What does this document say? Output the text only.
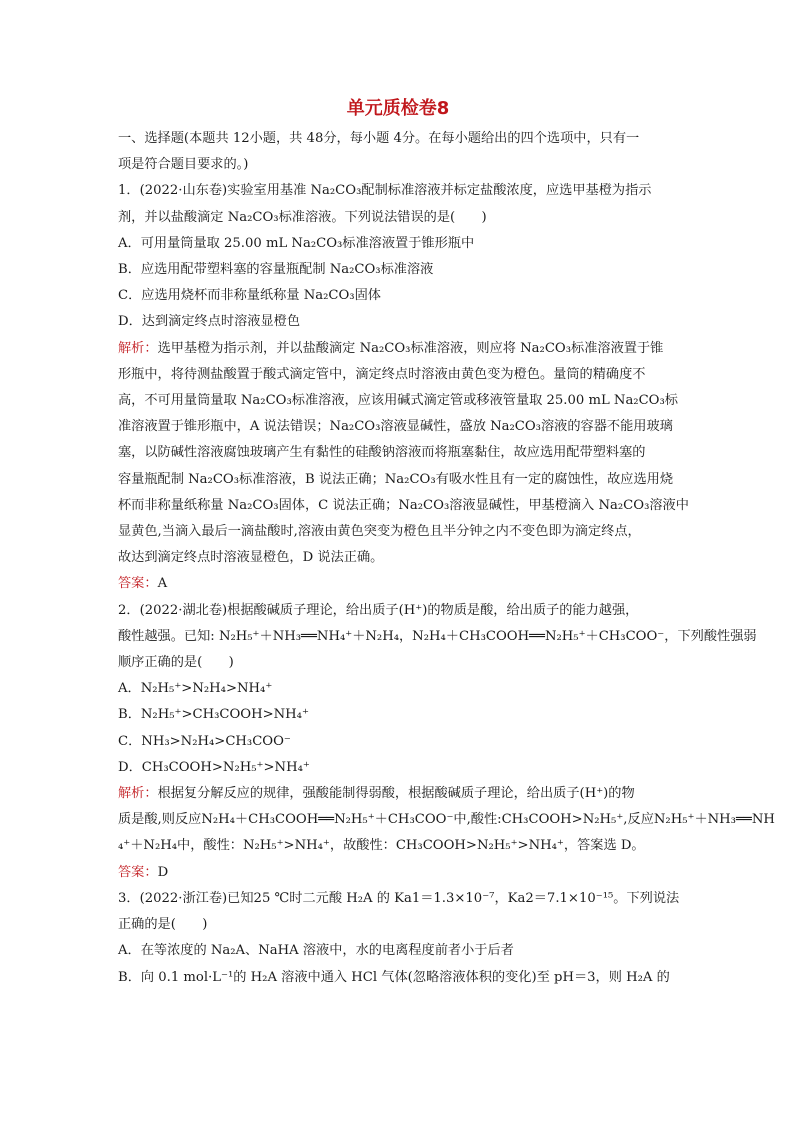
单元质检卷8
一、选择题(本题共 12小题，共 48分，每小题 4分。在每小题给出的四个选项中，只有一
项是符合题目要求的。)
1．(2022·山东卷)实验室用基准 Na₂CO₃配制标准溶液并标定盐酸浓度，应选甲基橙为指示
剂，并以盐酸滴定 Na₂CO₃标准溶液。下列说法错误的是(　　)
A．可用量筒量取 25.00 mL Na₂CO₃标准溶液置于锥形瓶中
B．应选用配带塑料塞的容量瓶配制 Na₂CO₃标准溶液
C．应选用烧杯而非称量纸称量 Na₂CO₃固体
D．达到滴定终点时溶液显橙色
解析：选甲基橙为指示剂，并以盐酸滴定 Na₂CO₃标准溶液，则应将 Na₂CO₃标准溶液置于锥
形瓶中，将待测盐酸置于酸式滴定管中，滴定终点时溶液由黄色变为橙色。量筒的精确度不
高，不可用量筒量取 Na₂CO₃标准溶液，应该用碱式滴定管或移液管量取 25.00 mL Na₂CO₃标
准溶液置于锥形瓶中，A 说法错误；Na₂CO₃溶液显碱性，盛放 Na₂CO₃溶液的容器不能用玻璃
塞，以防碱性溶液腐蚀玻璃产生有黏性的硅酸钠溶液而将瓶塞黏住，故应选用配带塑料塞的
容量瓶配制 Na₂CO₃标准溶液，B 说法正确；Na₂CO₃有吸水性且有一定的腐蚀性，故应选用烧
杯而非称量纸称量 Na₂CO₃固体，C 说法正确；Na₂CO₃溶液显碱性，甲基橙滴入 Na₂CO₃溶液中
显黄色,当滴入最后一滴盐酸时,溶液由黄色突变为橙色且半分钟之内不变色即为滴定终点，
故达到滴定终点时溶液显橙色，D 说法正确。
答案：A
2．(2022·湖北卷)根据酸碱质子理论，给出质子(H⁺)的物质是酸，给出质子的能力越强，
酸性越强。已知: N₂H₅⁺＋NH₃══NH₄⁺＋N₂H₄，N₂H₄＋CH₃COOH══N₂H₅⁺＋CH₃COO⁻，下列酸性强弱
顺序正确的是(　　)
A．N₂H₅⁺>N₂H₄>NH₄⁺
B．N₂H₅⁺>CH₃COOH>NH₄⁺
C．NH₃>N₂H₄>CH₃COO⁻
D．CH₃COOH>N₂H₅⁺>NH₄⁺
解析：根据复分解反应的规律，强酸能制得弱酸，根据酸碱质子理论，给出质子(H⁺)的物
质是酸,则反应N₂H₄＋CH₃COOH══N₂H₅⁺＋CH₃COO⁻中,酸性:CH₃COOH>N₂H₅⁺,反应N₂H₅⁺＋NH₃══NH
₄⁺＋N₂H₄中，酸性：N₂H₅⁺>NH₄⁺，故酸性：CH₃COOH>N₂H₅⁺>NH₄⁺，答案选 D。
答案：D
3．(2022·浙江卷)已知25 ℃时二元酸 H₂A 的 Ka1＝1.3×10⁻⁷，Ka2＝7.1×10⁻¹⁵。下列说法
正确的是(　　)
A．在等浓度的 Na₂A、NaHA 溶液中，水的电离程度前者小于后者
B．向 0.1 mol·L⁻¹的 H₂A 溶液中通入 HCl 气体(忽略溶液体积的变化)至 pH＝3，则 H₂A 的
